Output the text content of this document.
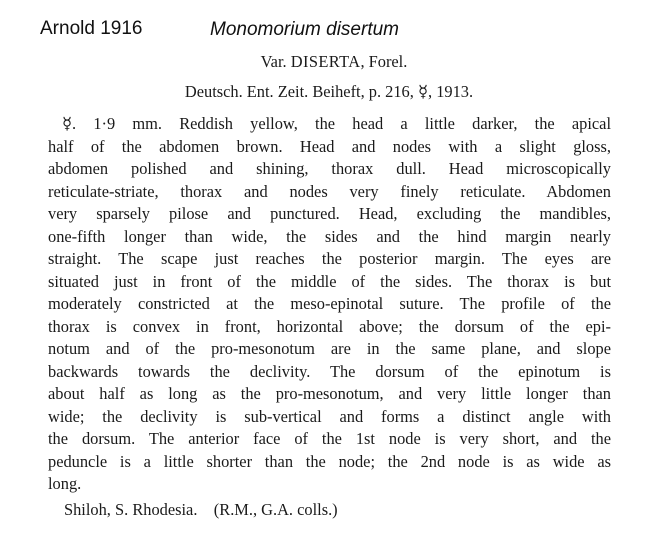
Arnold 1916	Monomorium disertum
Var. DISERTA, Forel.
Deutsch. Ent. Zeit. Beiheft, p. 216, ☿, 1913.
☿. 1·9 mm. Reddish yellow, the head a little darker, the apical
half of the abdomen brown. Head and nodes with a slight gloss,
abdomen polished and shining, thorax dull. Head microscopically
reticulate-striate, thorax and nodes very finely reticulate. Abdomen
very sparsely pilose and punctured. Head, excluding the mandibles,
one-fifth longer than wide, the sides and the hind margin nearly
straight. The scape just reaches the posterior margin. The eyes are
situated just in front of the middle of the sides. The thorax is but
moderately constricted at the meso-epinotal suture. The profile of the
thorax is convex in front, horizontal above; the dorsum of the epi-
notum and of the pro-mesonotum are in the same plane, and slope
backwards towards the declivity. The dorsum of the epinotum is
about half as long as the pro-mesonotum, and very little longer than
wide; the declivity is sub-vertical and forms a distinct angle with
the dorsum. The anterior face of the 1st node is very short, and the
peduncle is a little shorter than the node; the 2nd node is as wide as
long.
Shiloh, S. Rhodesia.    (R.M., G.A. colls.)
